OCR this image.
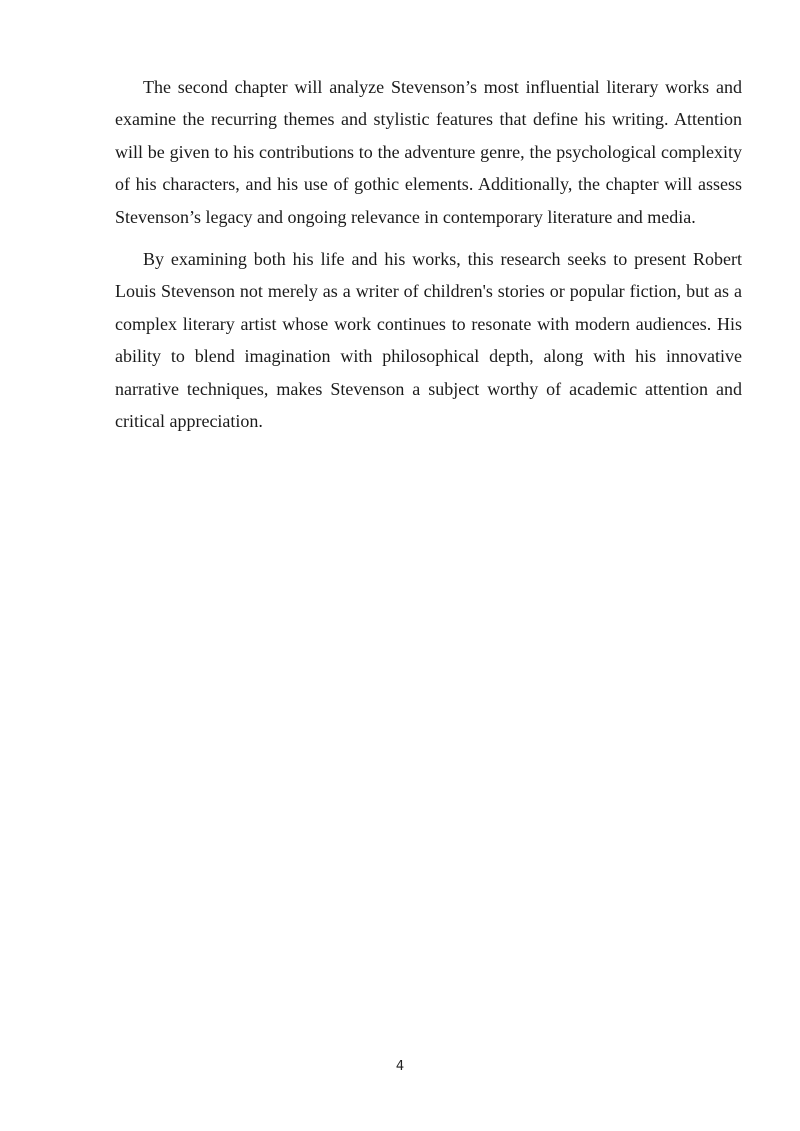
The second chapter will analyze Stevenson’s most influential literary works and examine the recurring themes and stylistic features that define his writing. Attention will be given to his contributions to the adventure genre, the psychological complexity of his characters, and his use of gothic elements. Additionally, the chapter will assess Stevenson’s legacy and ongoing relevance in contemporary literature and media.

By examining both his life and his works, this research seeks to present Robert Louis Stevenson not merely as a writer of children's stories or popular fiction, but as a complex literary artist whose work continues to resonate with modern audiences. His ability to blend imagination with philosophical depth, along with his innovative narrative techniques, makes Stevenson a subject worthy of academic attention and critical appreciation.

4
